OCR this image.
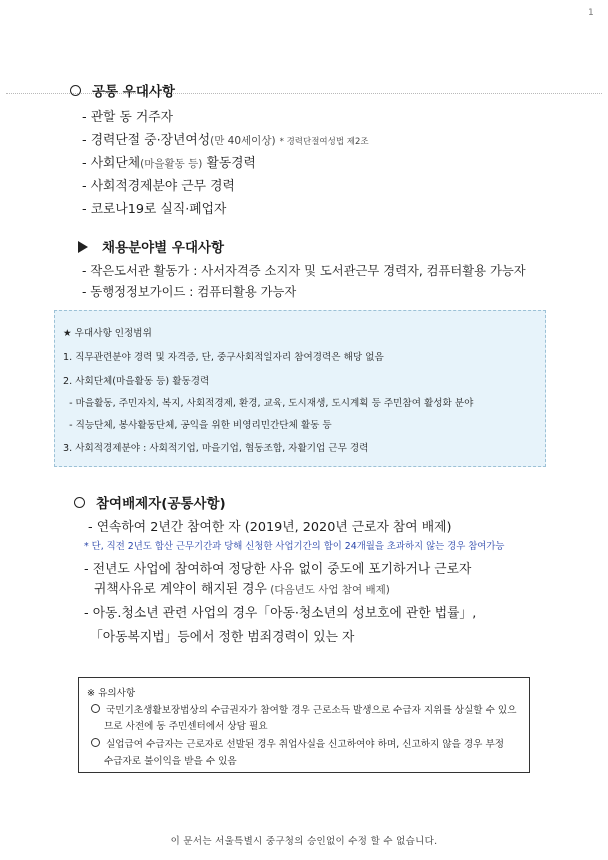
1
공통 우대사항
- 관할 동 거주자
- 경력단절 중·장년여성(만 40세이상) * 경력단절여성법 제2조
- 사회단체(마을활동 등) 활동경력
- 사회적경제분야 근무 경력
- 코로나19로 실직·폐업자
채용분야별 우대사항
- 작은도서관 활동가 : 사서자격증 소지자 및 도서관근무 경력자, 컴퓨터활용 가능자
- 동행정정보가이드 : 컴퓨터활용 가능자
★ 우대사항 인정범위
1. 직무관련분야 경력 및 자격증, 단, 중구사회적일자리 참여경력은 해당 없음
2. 사회단체(마을활동 등) 활동경력
- 마을활동, 주민자치, 복지, 사회적경제, 환경, 교육, 도시재생, 도시계획 등 주민참여 활성화 분야
- 직능단체, 봉사활동단체, 공익을 위한 비영리민간단체 활동 등
3. 사회적경제분야 : 사회적기업, 마을기업, 협동조합, 자활기업 근무 경력
참여배제자(공통사항)
- 연속하여 2년간 참여한 자 (2019년, 2020년 근로자 참여 배제)
* 단, 직전 2년도 합산 근무기간과 당해 신청한 사업기간의 합이 24개월을 초과하지 않는 경우 참여가능
- 전년도 사업에 참여하여 정당한 사유 없이 중도에 포기하거나 근로자
귀책사유로 계약이 해지된 경우 (다음년도 사업 참여 배제)
- 아동.청소년 관련 사업의 경우「아동·청소년의 성보호에 관한 법률」,
「아동복지법」등에서 정한 범죄경력이 있는 자
※ 유의사항
국민기초생활보장법상의 수급권자가 참여할 경우 근로소득 발생으로 수급자 지위를 상실할 수 있으
므로 사전에 동 주민센터에서 상담 필요
실업급여 수급자는 근로자로 선발된 경우 취업사실을 신고하여야 하며, 신고하지 않을 경우 부정
수급자로 불이익을 받을 수 있음
이 문서는 서울특별시 중구청의 승인없이 수정 할 수 없습니다.
